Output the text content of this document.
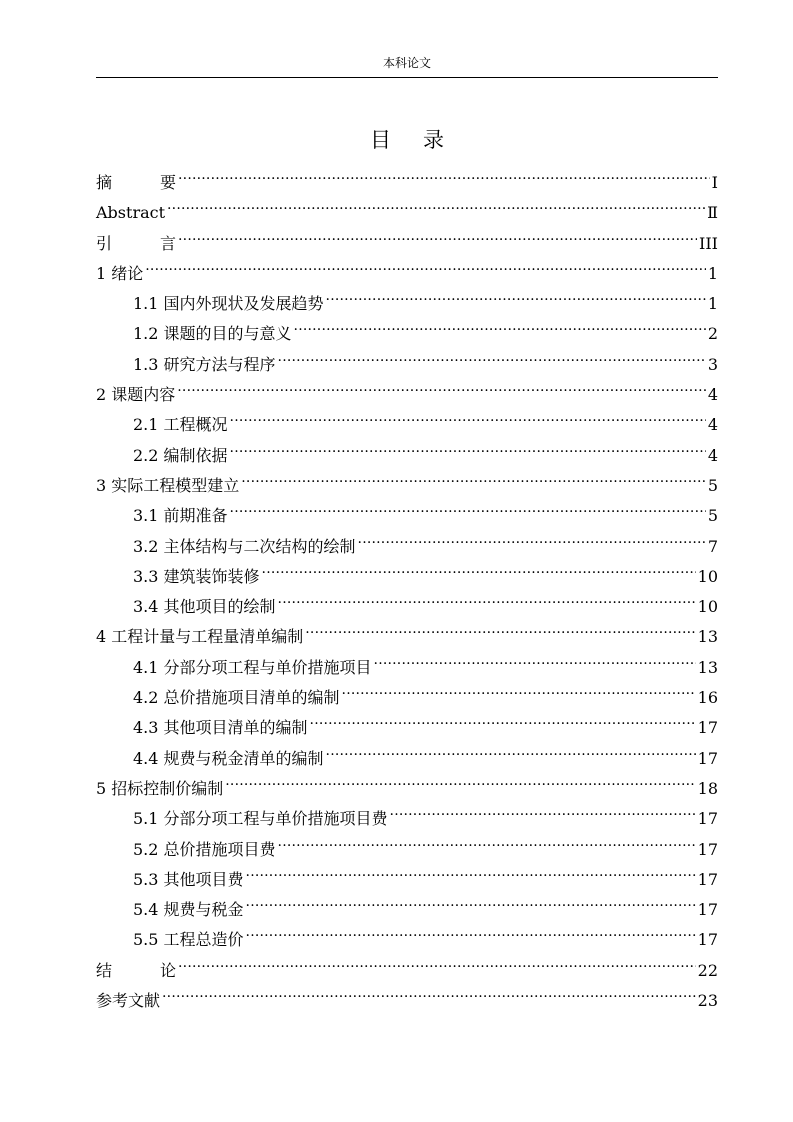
本科论文
目录
摘	要 .....	Ⅰ
Abstract .....	Ⅱ
引	言 .....	III
1 绪论 .....	1
1.1 国内外现状及发展趋势 .....	1
1.2 课题的目的与意义 .....	2
1.3 研究方法与程序 .....	3
2 课题内容 .....	4
2.1 工程概况 .....	4
2.2 编制依据 .....	4
3 实际工程模型建立 .....	5
3.1 前期准备 .....	5
3.2 主体结构与二次结构的绘制 .....	7
3.3 建筑装饰装修 .....	10
3.4 其他项目的绘制 .....	10
4 工程计量与工程量清单编制 .....	13
4.1 分部分项工程与单价措施项目 .....	13
4.2 总价措施项目清单的编制 .....	16
4.3 其他项目清单的编制 .....	17
4.4 规费与税金清单的编制 .....	17
5 招标控制价编制 .....	18
5.1 分部分项工程与单价措施项目费 .....	17
5.2 总价措施项目费 .....	17
5.3 其他项目费 .....	17
5.4 规费与税金 .....	17
5.5 工程总造价 .....	17
结	论 .....	22
参考文献 .....	23
